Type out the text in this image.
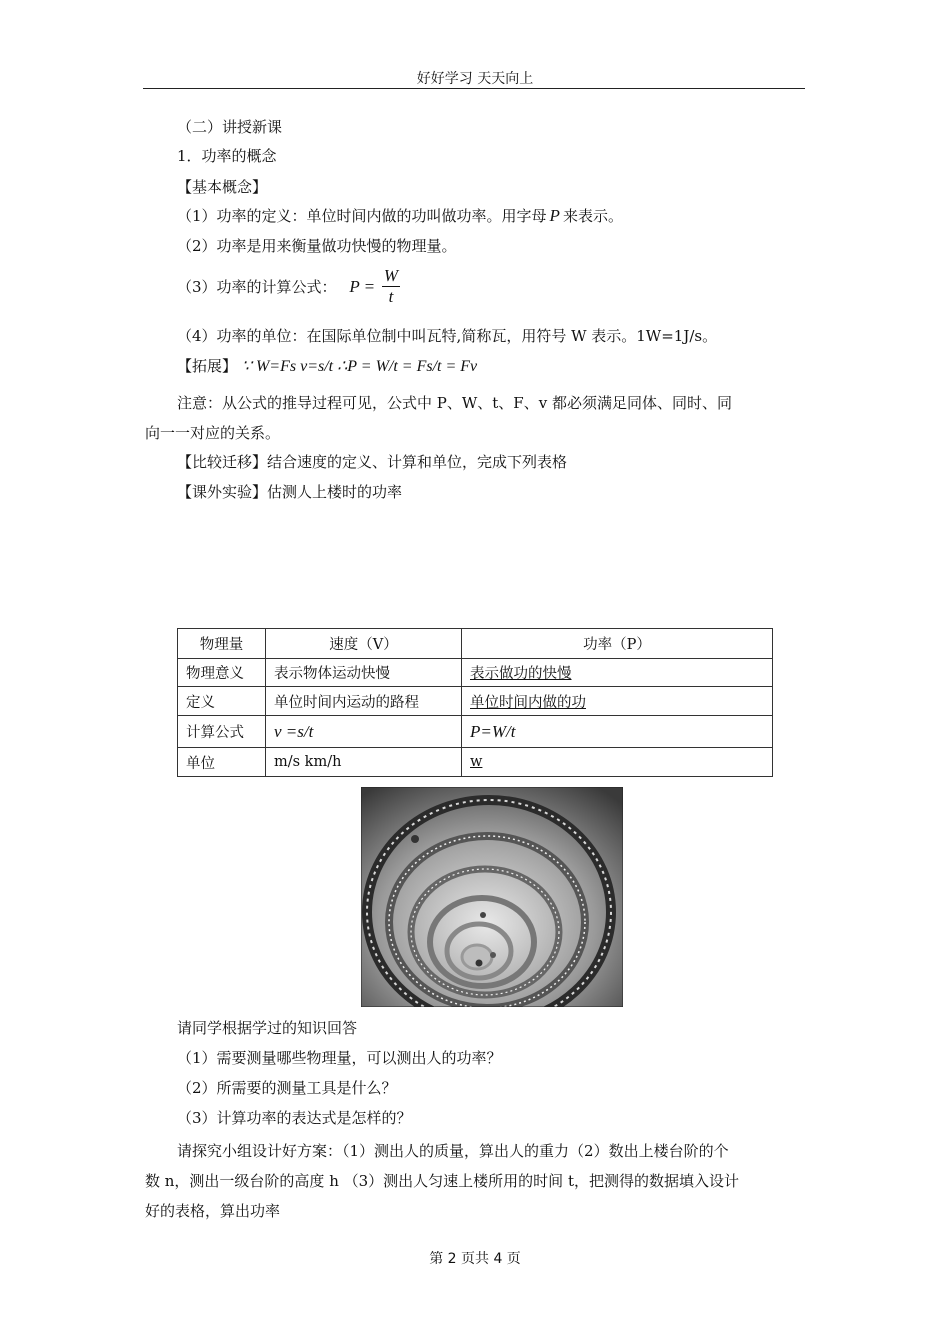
好好学习 天天向上
（二）讲授新课
1．功率的概念
【基本概念】
（1）功率的定义：单位时间内做的功叫做功率。用字母 P 来表示。
（2）功率是用来衡量做功快慢的物理量。
（3）功率的计算公式： $P = \frac{W}{t}$
（4）功率的单位：在国际单位制中叫瓦特,简称瓦，用符号 W 表示。1W=1J/s。
【拓展】 ∵ W=Fs v=s/t ∴P = W/t = Fs/t = Fv
注意：从公式的推导过程可见，公式中 P、W、t、F、v 都必须满足同体、同时、同
向一一对应的关系。
【比较迁移】结合速度的定义、计算和单位，完成下列表格
【课外实验】估测人上楼时的功率
物理量	速度（V）	功率（P）
物理意义	表示物体运动快慢	表示做功的快慢
定义	单位时间内运动的路程	单位时间内做的功
计算公式	v =s/t	P=W/t
单位	m/s km/h	w
请同学根据学过的知识回答
（1）需要测量哪些物理量，可以测出人的功率？
（2）所需要的测量工具是什么？
（3）计算功率的表达式是怎样的？
请探究小组设计好方案：（1）测出人的质量，算出人的重力（2）数出上楼台阶的个
数 n，测出一级台阶的高度 h （3）测出人匀速上楼所用的时间 t，把测得的数据填入设计
好的表格，算出功率
第 2 页共 4 页
